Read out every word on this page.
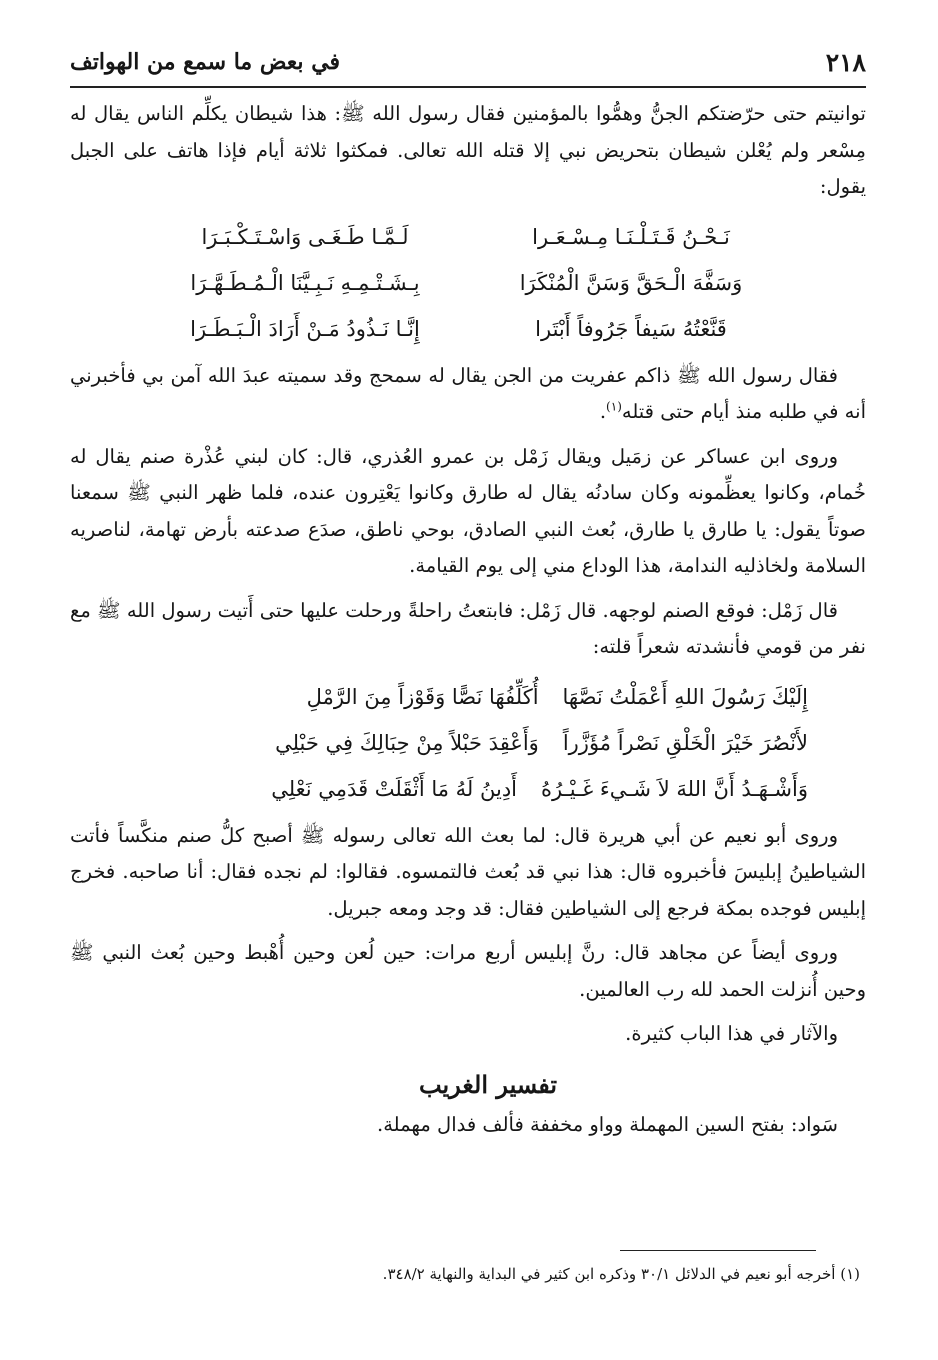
٢١٨
في بعض ما سمع من الهواتف

توانيتم حتى حرّضتكم الجنُّ وهمُّوا بالمؤمنين فقال رسول الله ﷺ: هذا شيطان يكلِّم الناس يقال له مِسْعر ولم يُعْلن شيطان بتحريض نبي إلا قتله الله تعالى. فمكثوا ثلاثة أيام فإذا هاتف على الجبل يقول:

نَـحْـنُ قَـتَـلْـنَـا مِـسْـعَـرا
لَـمَّـا طَـغَـى وَاسْـتَـكْـبَـرَا
وَسَفَّهَ الْـحَقَّ وَسَنَّ الْمُنْكَرَا
بِـشَـتْـمِـهِ نَـبِـيَّنَا الْـمُـطَـهَّـرَا
قَنَّعْتُهُ سَيفاً جَرُوفاً أَبْتَرا
إِنَّـا نَـذُودُ مَـنْ أَرَادَ الْـبَـطَـرَا

فقال رسول الله ﷺ ذاكم عفريت من الجن يقال له سمحج وقد سميته عبدَ الله آمن بي فأخبرني أنه في طلبه منذ أيام حتى قتله$^{(١)}$.

وروى ابن عساكر عن زمَيل ويقال زَمْل بن عمرو العُذري، قال: كان لبني عُذْرة صنم يقال له خُمام، وكانوا يعظِّمونه وكان سادنُه يقال له طارق وكانوا يَعْتِرون عنده، فلما ظهر النبي ﷺ سمعنا صوتاً يقول: يا طارق يا طارق، بُعث النبي الصادق، بوحي ناطق، صدَع صدعته بأرض تهامة، لناصريه السلامة ولخاذليه الندامة، هذا الوداع مني إلى يوم القيامة.

قال زَمْل: فوقع الصنم لوجهه. قال زَمْل: فابتعتُ راحلةً ورحلت عليها حتى أَتيت رسول الله ﷺ مع نفر من قومي فأنشدته شعراً قلته:

إِلَيْكَ رَسُولَ اللهِ أَعْمَلْتُ نَصَّهَا
أُكَلِّفُهَا نَصًّا وَقَوْزاً مِنَ الرَّمْلِ
لأَنْصُرَ خَيْرَ الْخَلْقِ نَصْراً مُؤَزَّراً
وَأَعْقِدَ حَبْلاً مِنْ حِبَالِكَ فِي حَبْلِي
وَأَشْـهَـدُ أَنَّ اللهَ لاَ شَـيءَ غَـيْـرُهُ
أَدِينُ لَهُ مَا أَثْقَلَتْ قَدَمِي نَعْلِي

وروى أبو نعيم عن أبي هريرة قال: لما بعث الله تعالى رسوله ﷺ أصبح كلُّ صنم منكَّساً فأتت الشياطينُ إبليسَ فأخبروه قال: هذا نبي قد بُعث فالتمسوه. فقالوا: لم نجده فقال: أنا صاحبه. فخرج إبليس فوجده بمكة فرجع إلى الشياطين فقال: قد وجد ومعه جبريل.

وروى أيضاً عن مجاهد قال: رنَّ إبليس أربع مرات: حين لُعن وحين أُهْبط وحين بُعث النبي ﷺ وحين أُنزلت الحمد لله رب العالمين.

والآثار في هذا الباب كثيرة.

تفسير الغريب

سَواد: بفتح السين المهملة وواو مخففة فألف فدال مهملة.

(١) أخرجه أبو نعيم في الدلائل ٣٠/١ وذكره ابن كثير في البداية والنهاية ٣٤٨/٢.
